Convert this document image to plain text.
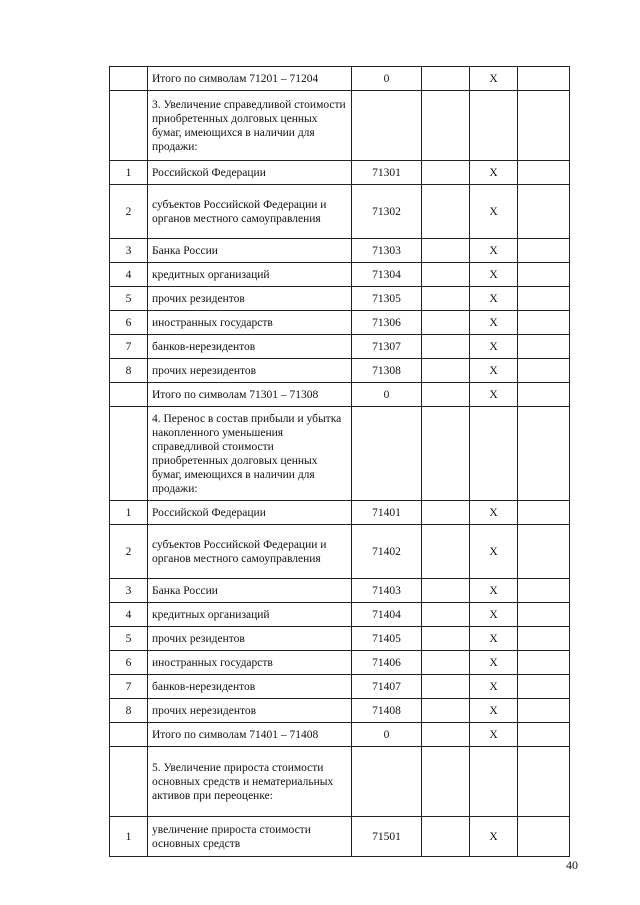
	Итого по символам 71201 – 71204	0		X	
	3. Увеличение справедливой стоимости приобретенных долговых ценных бумаг, имеющихся в наличии для продажи:				
1	Российской Федерации	71301		X	
2	субъектов Российской Федерации и органов местного самоуправления	71302		X	
3	Банка России	71303		X	
4	кредитных организаций	71304		X	
5	прочих резидентов	71305		X	
6	иностранных государств	71306		X	
7	банков-нерезидентов	71307		X	
8	прочих нерезидентов	71308		X	
	Итого по символам 71301 – 71308	0		X	
	4. Перенос в состав прибыли и убытка накопленного уменьшения справедливой стоимости приобретенных долговых ценных бумаг, имеющихся в наличии для продажи:				
1	Российской Федерации	71401		X	
2	субъектов Российской Федерации и органов местного самоуправления	71402		X	
3	Банка России	71403		X	
4	кредитных организаций	71404		X	
5	прочих резидентов	71405		X	
6	иностранных государств	71406		X	
7	банков-нерезидентов	71407		X	
8	прочих нерезидентов	71408		X	
	Итого по символам 71401 – 71408	0		X	
	5. Увеличение прироста стоимости основных средств и нематериальных активов при переоценке:				
1	увеличение прироста стоимости основных средств	71501		X	
40
